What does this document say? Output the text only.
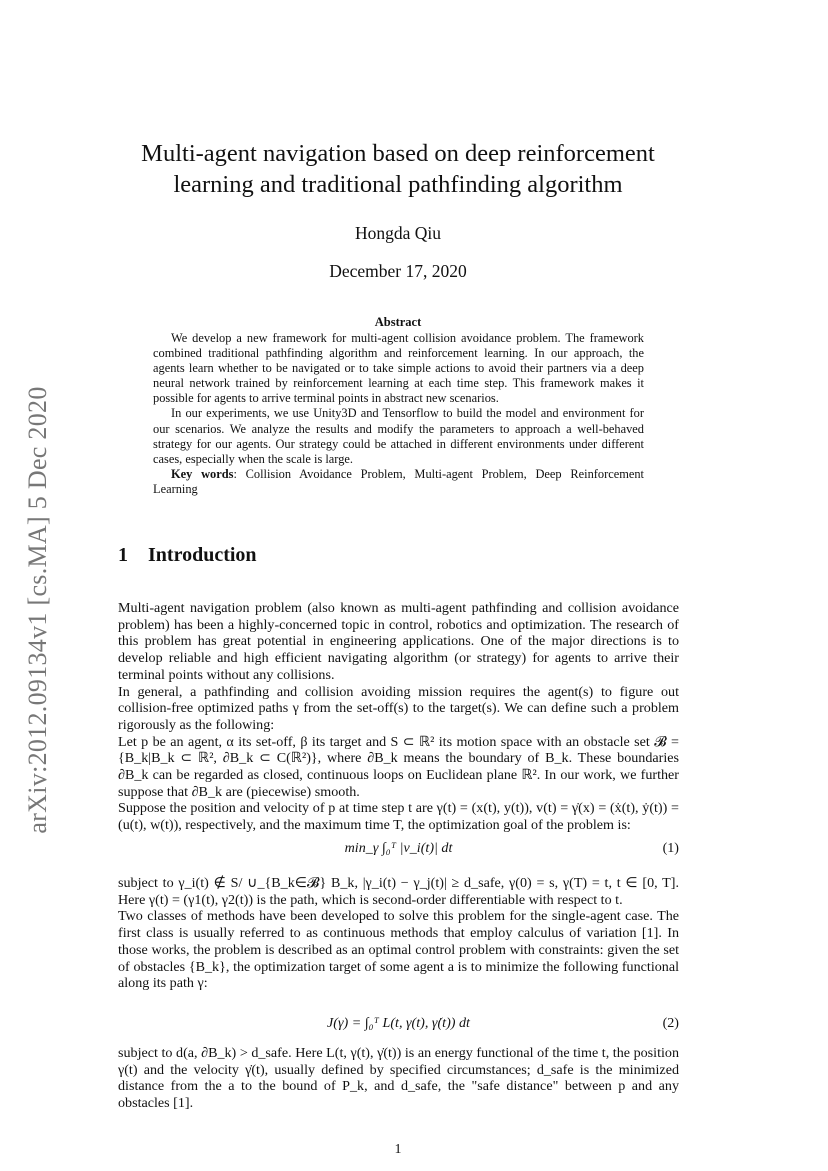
arXiv:2012.09134v1 [cs.MA] 5 Dec 2020
Multi-agent navigation based on deep reinforcement learning and traditional pathfinding algorithm
Hongda Qiu
December 17, 2020
Abstract

We develop a new framework for multi-agent collision avoidance problem. The framework combined traditional pathfinding algorithm and reinforcement learning. In our approach, the agents learn whether to be navigated or to take simple actions to avoid their partners via a deep neural network trained by reinforcement learning at each time step. This framework makes it possible for agents to arrive terminal points in abstract new scenarios.

In our experiments, we use Unity3D and Tensorflow to build the model and environment for our scenarios. We analyze the results and modify the parameters to approach a well-behaved strategy for our agents. Our strategy could be attached in different environments under different cases, especially when the scale is large.

Key words: Collision Avoidance Problem, Multi-agent Problem, Deep Reinforcement Learning

1 Introduction

Multi-agent navigation problem (also known as multi-agent pathfinding and collision avoidance problem) has been a highly-concerned topic in control, robotics and optimization. The research of this problem has great potential in engineering applications. One of the major directions is to develop reliable and high efficient navigating algorithm (or strategy) for agents to arrive their terminal points without any collisions.

In general, a pathfinding and collision avoiding mission requires the agent(s) to figure out collision-free optimized paths γ from the set-off(s) to the target(s). We can define such a problem rigorously as the following:

Let p be an agent, α its set-off, β its target and S ⊂ ℝ² its motion space with an obstacle set 𝓑 = {B_k|B_k ⊂ ℝ², ∂B_k ⊂ C(ℝ²)}, where ∂B_k means the boundary of B_k. These boundaries ∂B_k can be regarded as closed, continuous loops on Euclidean plane ℝ². In our work, we further suppose that ∂B_k are (piecewise) smooth.

Suppose the position and velocity of p at time step t are γ(t) = (x(t), y(t)), v(t) = γ̇(x) = (ẋ(t), ẏ(t)) = (u(t), w(t)), respectively, and the maximum time T, the optimization goal of the problem is:

min_γ ∫₀ᵀ |v_i(t)| dt	(1)

subject to γ_i(t) ∉ S/ ∪_{B_k∈𝓑} B_k, |γ_i(t) − γ_j(t)| ≥ d_safe, γ(0) = s, γ(T) = t, t ∈ [0, T]. Here γ(t) = (γ1(t), γ2(t)) is the path, which is second-order differentiable with respect to t.

Two classes of methods have been developed to solve this problem for the single-agent case. The first class is usually referred to as continuous methods that employ calculus of variation [1]. In those works, the problem is described as an optimal control problem with constraints: given the set of obstacles {B_k}, the optimization target of some agent a is to minimize the following functional along its path γ:

J(γ) = ∫₀ᵀ L(t, γ(t), γ̇(t)) dt	(2)

subject to d(a, ∂B_k) > d_safe. Here L(t, γ(t), γ̇(t)) is an energy functional of the time t, the position γ(t) and the velocity γ̇(t), usually defined by specified circumstances; d_safe is the minimized distance from the a to the bound of P_k, and d_safe, the "safe distance" between p and any obstacles [1].

1
